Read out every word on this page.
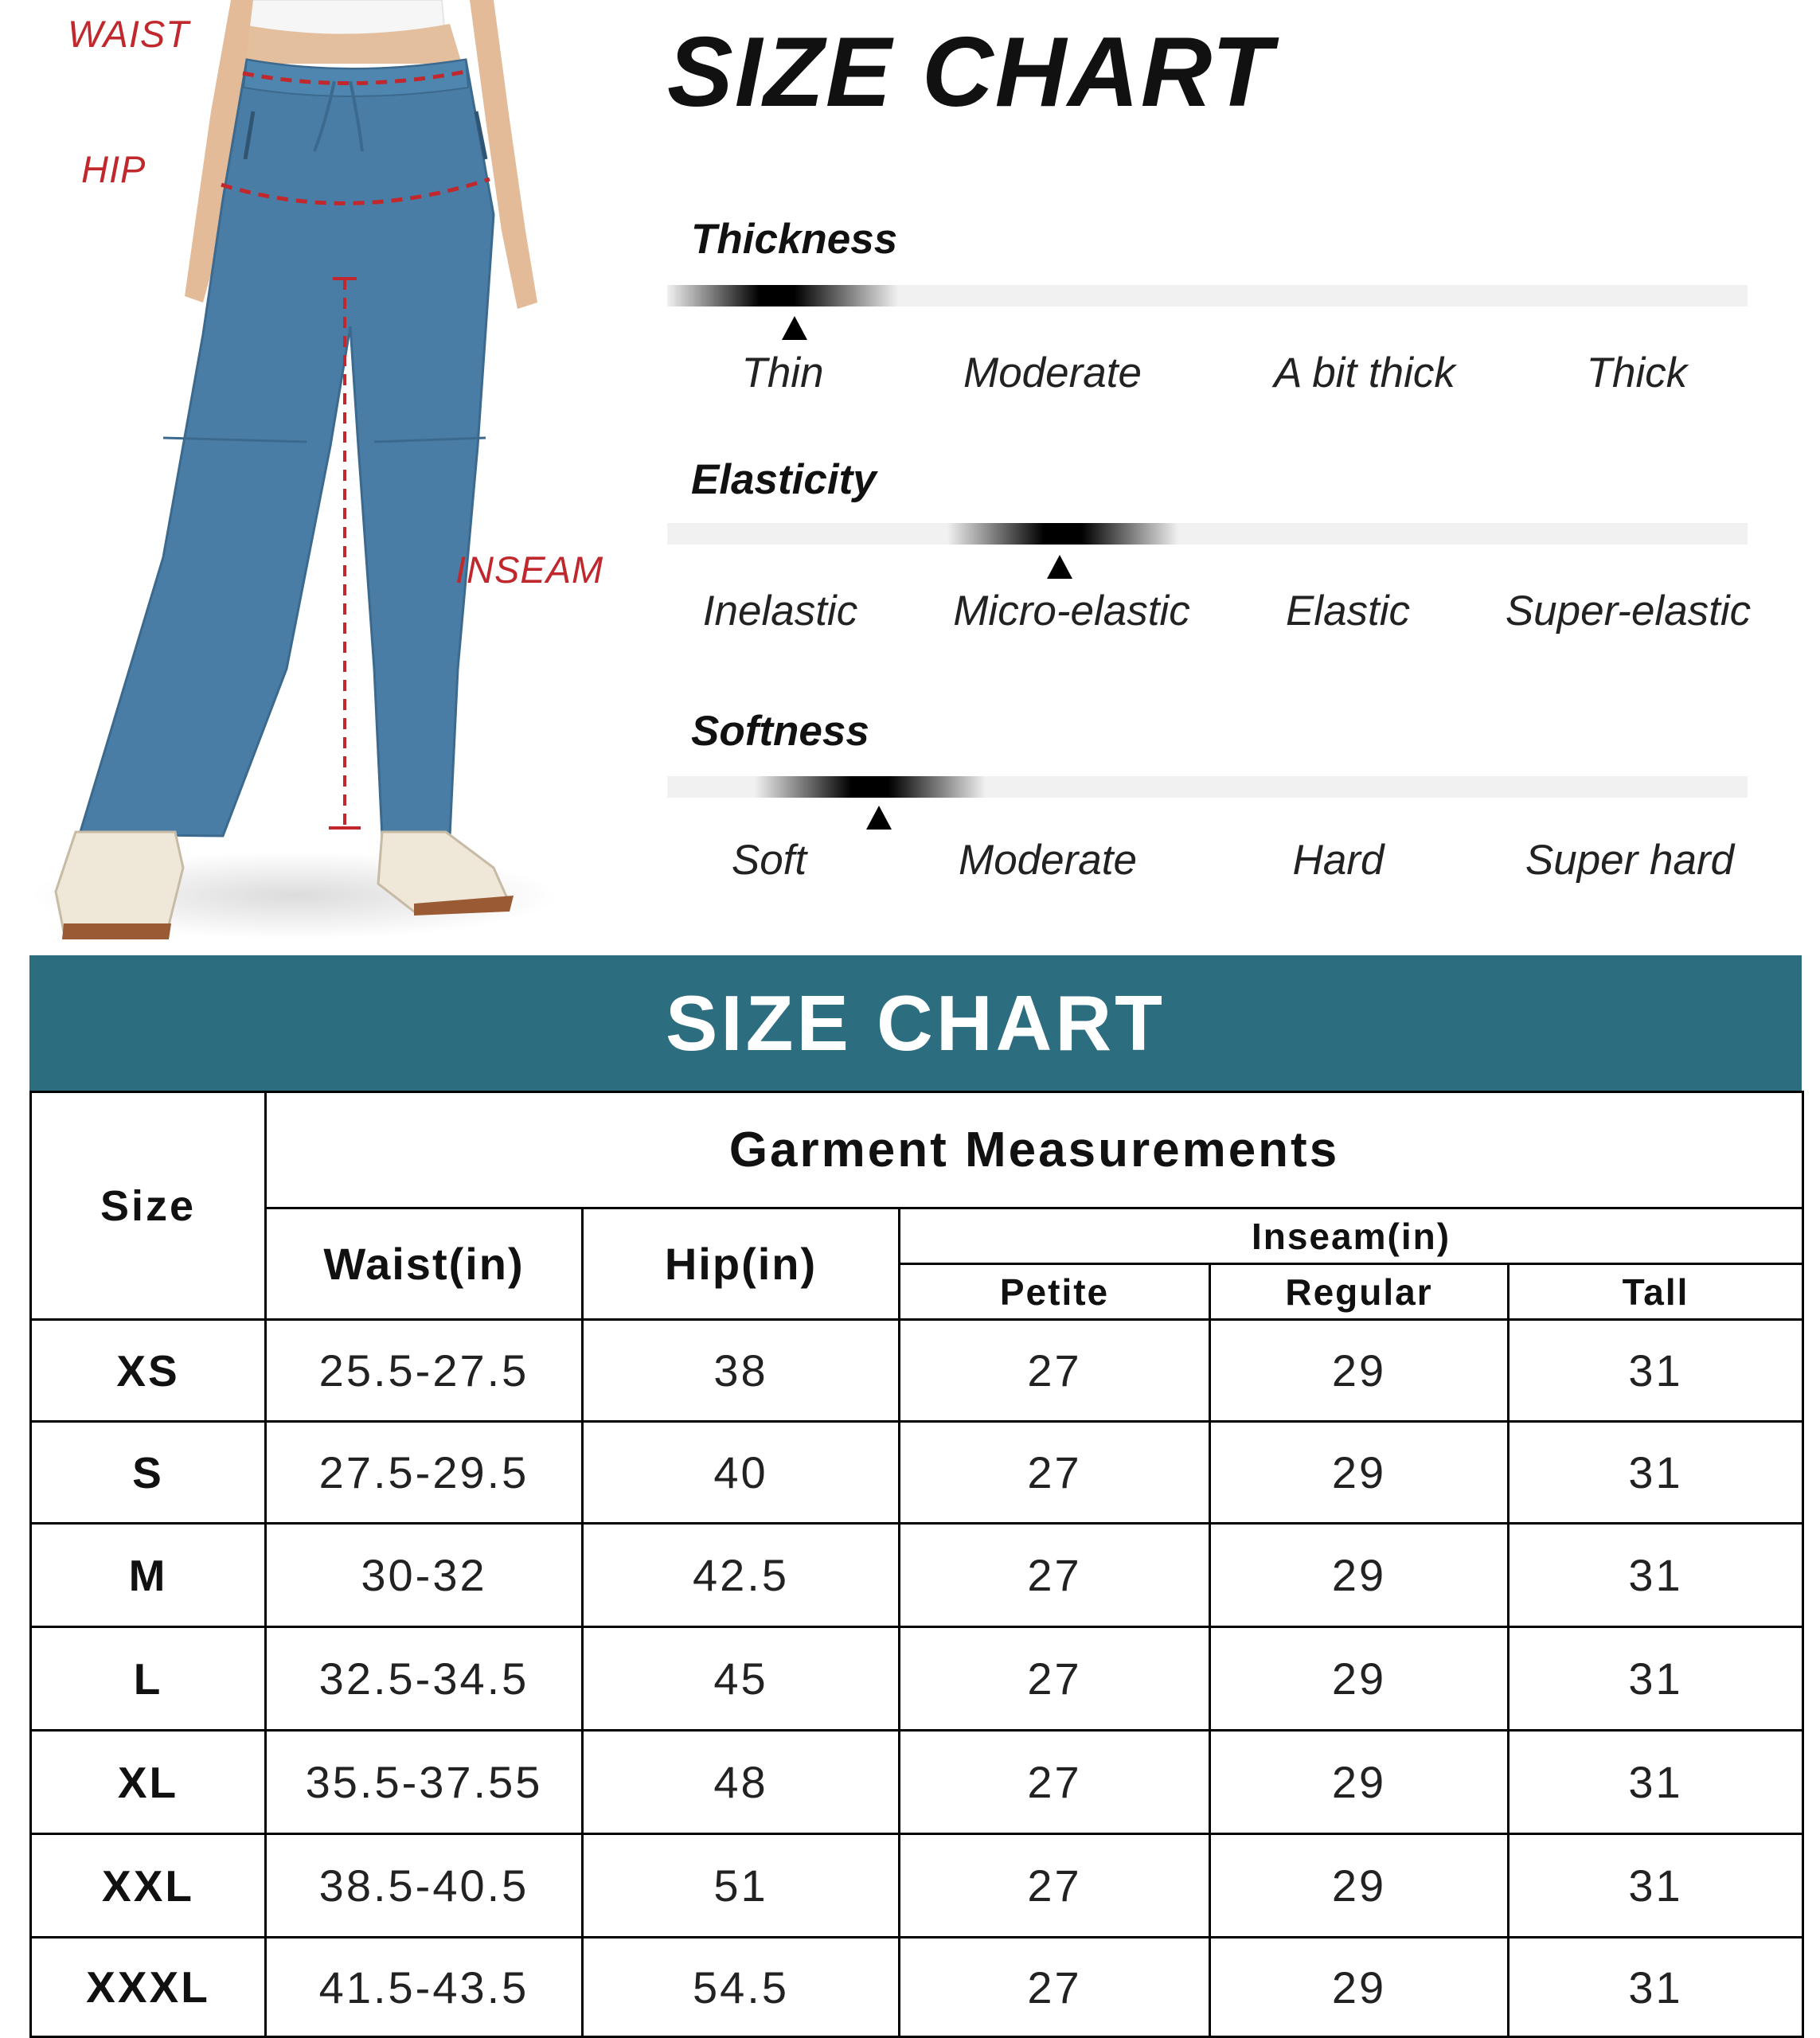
WAIST
HIP
INSEAM
SIZE CHART
Thickness
Thin	Moderate	A bit thick	Thick
Elasticity
Inelastic Micro-elastic Elastic Super-elastic
Softness
Soft	Moderate	Hard	Super hard
SIZE CHART
Size	Garment Measurements				
	Waist(in)	Hip(in)	Inseam(in)		
			Petite	Regular	Tall
XS	25.5-27.5	38	27	29	31
S	27.5-29.5	40	27	29	31
M	30-32	42.5	27	29	31
L	32.5-34.5	45	27	29	31
XL	35.5-37.55	48	27	29	31
XXL	38.5-40.5	51	27	29	31
XXXL	41.5-43.5	54.5	27	29	31
